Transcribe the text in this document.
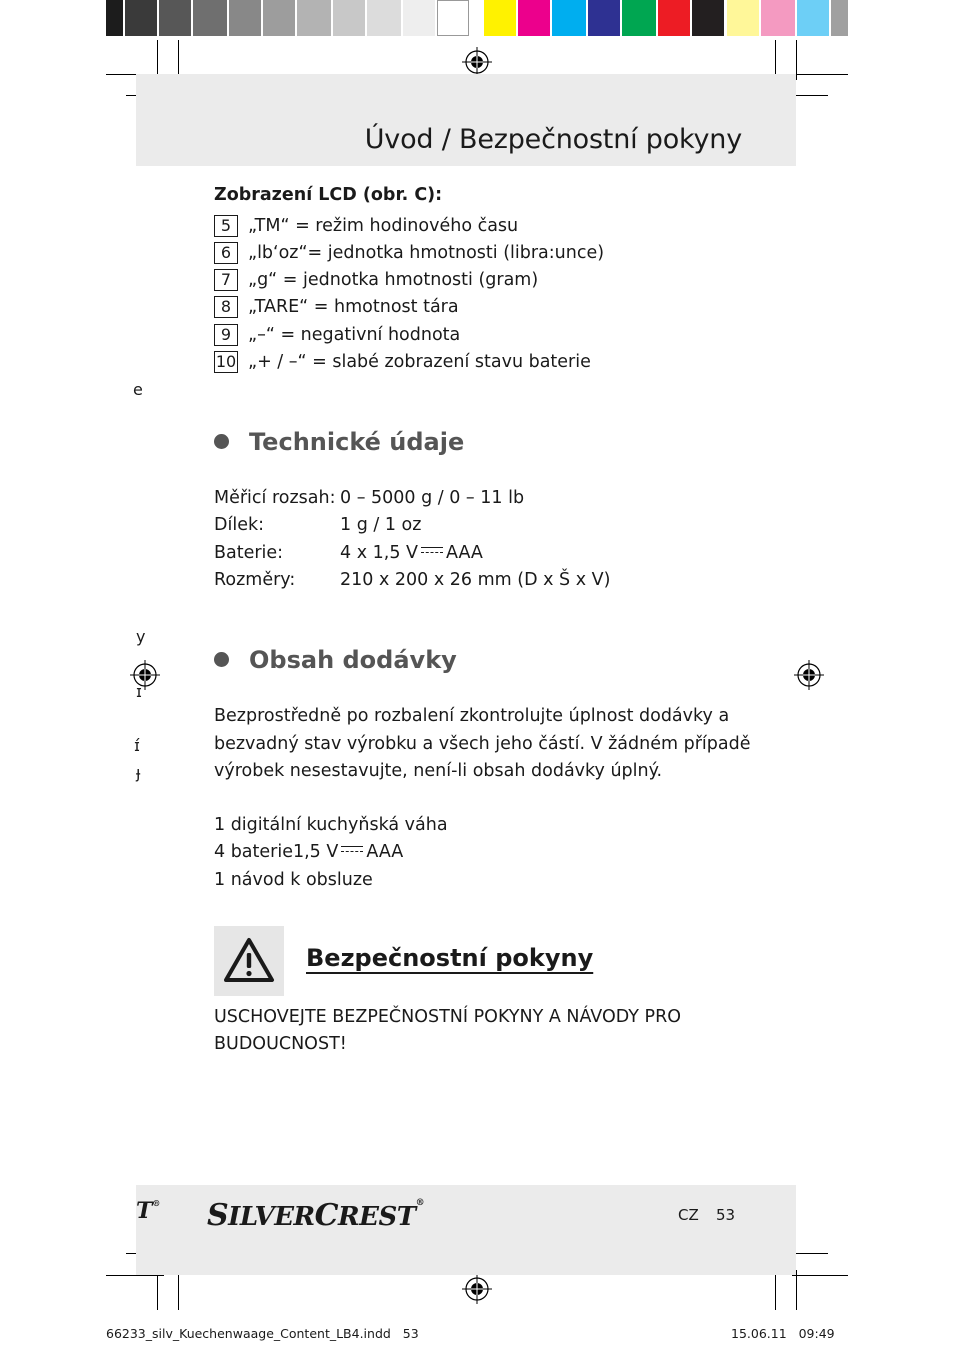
Úvod / Bezpečnostní pokyny
e
y
ɪ
ɪ́
ɟ
Zobrazení LCD (obr. C):
5 „TM“ = režim hodinového času
6 „lb‘oz“= jednotka hmotnosti (libra:unce)
7 „g“ = jednotka hmotnosti (gram)
8 „TARE“ = hmotnost tára
9 „–“ = negativní hodnota
10 „+ / –“ = slabé zobrazení stavu baterie
Technické údaje
Měřicí rozsah: 0 – 5000 g / 0 – 11 lb
Dílek:	1 g / 1 oz
Baterie:	4 x 1,5 V AAA
Rozměry:	210 x 200 x 26 mm (D x Š x V)
Obsah dodávky
Bezprostředně po rozbalení zkontrolujte úplnost dodávky a bezvadný stav výrobku a všech jeho částí. V žádném případě výrobek nesestavujte, není-li obsah dodávky úplný.
1 digitální kuchyňská váha
4 baterie1,5 V AAA
1 návod k obsluze
Bezpečnostní pokyny
USCHOVEJTE BEZPEČNOSTNÍ POKYNY A NÁVODY PRO BUDOUCNOST!
T® SILVERCREST®
CZ 53
66233_silv_Kuechenwaage_Content_LB4.indd   53	15.06.11   09:49
